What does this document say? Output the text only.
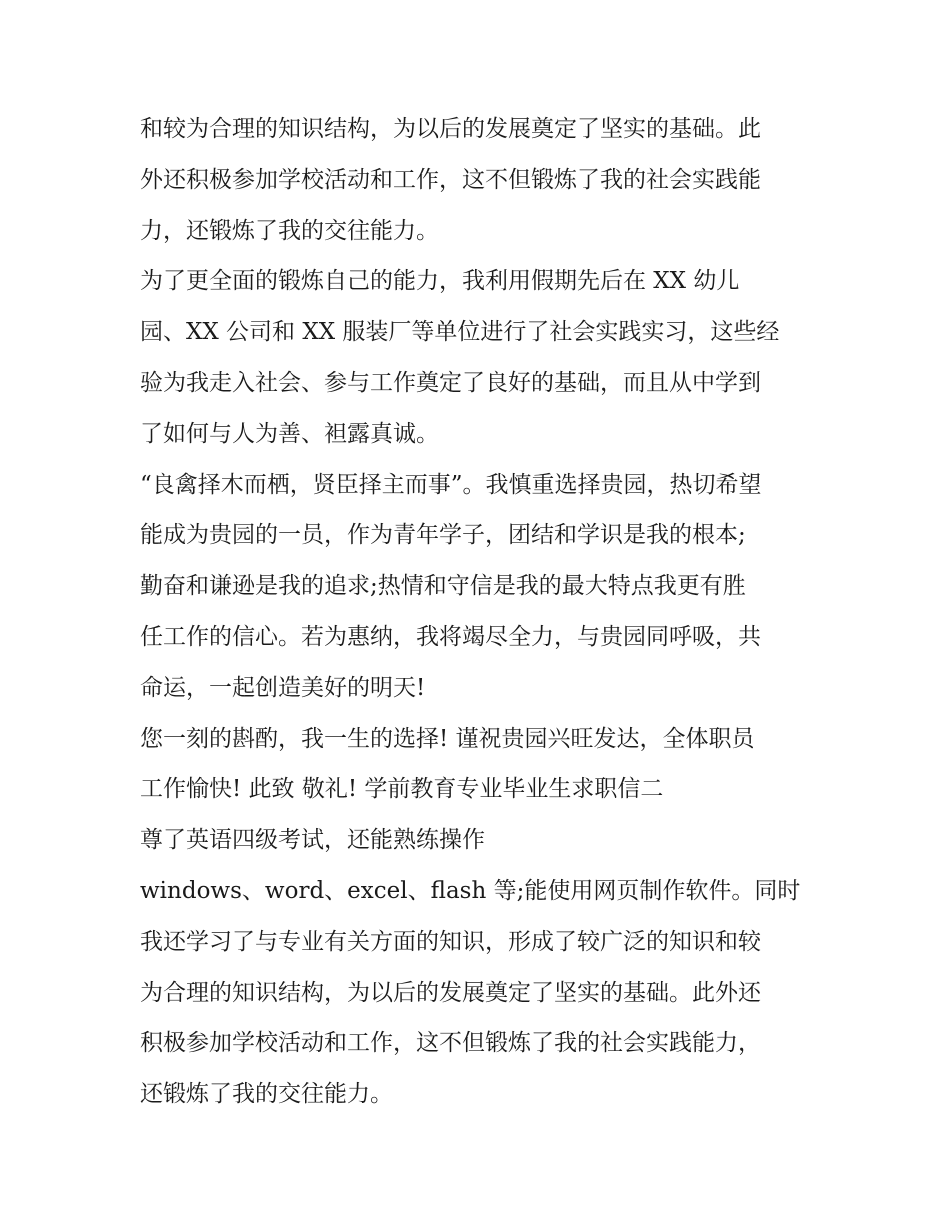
和较为合理的知识结构，为以后的发展奠定了坚实的基础。此
外还积极参加学校活动和工作，这不但锻炼了我的社会实践能
力，还锻炼了我的交往能力。
为了更全面的锻炼自己的能力，我利用假期先后在 XX 幼儿
园、XX 公司和 XX 服装厂等单位进行了社会实践实习，这些经
验为我走入社会、参与工作奠定了良好的基础，而且从中学到
了如何与人为善、袒露真诚。
“良禽择木而栖，贤臣择主而事”。我慎重选择贵园，热切希望
能成为贵园的一员，作为青年学子，团结和学识是我的根本;
勤奋和谦逊是我的追求;热情和守信是我的最大特点我更有胜
任工作的信心。若为惠纳，我将竭尽全力，与贵园同呼吸，共
命运，一起创造美好的明天!
您一刻的斟酌，我一生的选择! 谨祝贵园兴旺发达，全体职员
工作愉快! 此致 敬礼! 学前教育专业毕业生求职信二
尊了英语四级考试，还能熟练操作
windows、word、excel、flash 等;能使用网页制作软件。同时
我还学习了与专业有关方面的知识，形成了较广泛的知识和较
为合理的知识结构，为以后的发展奠定了坚实的基础。此外还
积极参加学校活动和工作，这不但锻炼了我的社会实践能力，
还锻炼了我的交往能力。
